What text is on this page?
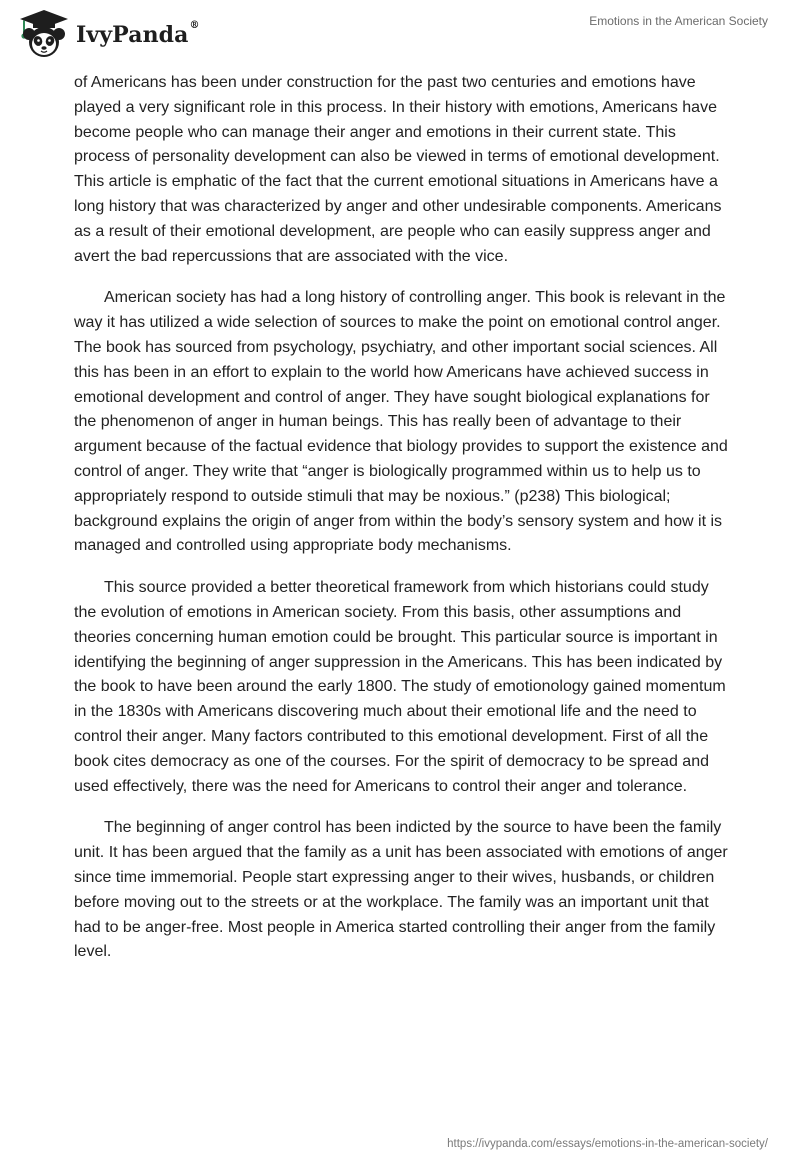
IvyPanda®	Emotions in the American Society

of Americans has been under construction for the past two centuries and emotions have played a very significant role in this process. In their history with emotions, Americans have become people who can manage their anger and emotions in their current state. This process of personality development can also be viewed in terms of emotional development. This article is emphatic of the fact that the current emotional situations in Americans have a long history that was characterized by anger and other undesirable components. Americans as a result of their emotional development, are people who can easily suppress anger and avert the bad repercussions that are associated with the vice.

American society has had a long history of controlling anger. This book is relevant in the way it has utilized a wide selection of sources to make the point on emotional control anger. The book has sourced from psychology, psychiatry, and other important social sciences. All this has been in an effort to explain to the world how Americans have achieved success in emotional development and control of anger. They have sought biological explanations for the phenomenon of anger in human beings. This has really been of advantage to their argument because of the factual evidence that biology provides to support the existence and control of anger. They write that “anger is biologically programmed within us to help us to appropriately respond to outside stimuli that may be noxious.” (p238) This biological; background explains the origin of anger from within the body’s sensory system and how it is managed and controlled using appropriate body mechanisms.

This source provided a better theoretical framework from which historians could study the evolution of emotions in American society. From this basis, other assumptions and theories concerning human emotion could be brought. This particular source is important in identifying the beginning of anger suppression in the Americans. This has been indicated by the book to have been around the early 1800. The study of emotionology gained momentum in the 1830s with Americans discovering much about their emotional life and the need to control their anger. Many factors contributed to this emotional development. First of all the book cites democracy as one of the courses. For the spirit of democracy to be spread and used effectively, there was the need for Americans to control their anger and tolerance.

The beginning of anger control has been indicted by the source to have been the family unit. It has been argued that the family as a unit has been associated with emotions of anger since time immemorial. People start expressing anger to their wives, husbands, or children before moving out to the streets or at the workplace. The family was an important unit that had to be anger-free. Most people in America started controlling their anger from the family level.

https://ivypanda.com/essays/emotions-in-the-american-society/
